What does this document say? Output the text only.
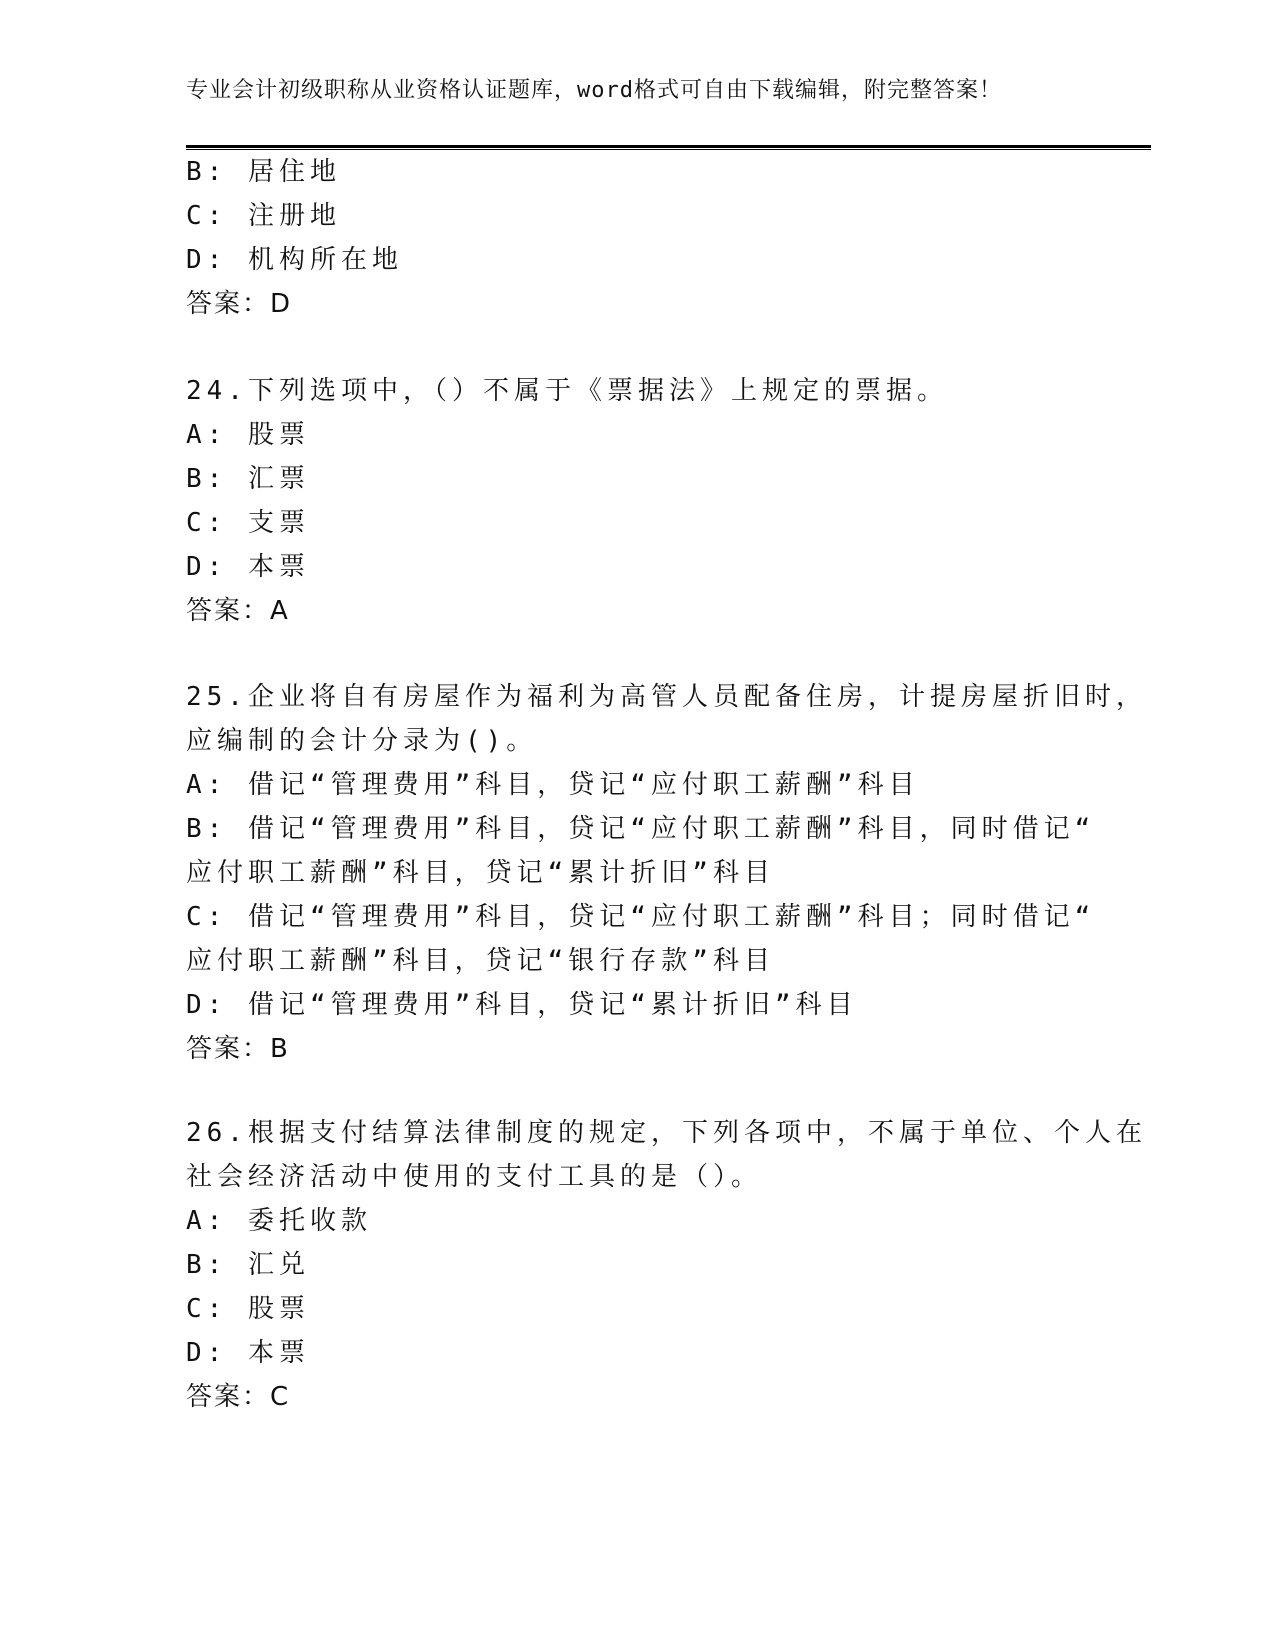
专业会计初级职称从业资格认证题库，word格式可自由下载编辑，附完整答案！
B: 居住地
C: 注册地
D: 机构所在地
答案：D
24.下列选项中，（）不属于《票据法》上规定的票据。
A: 股票
B: 汇票
C: 支票
D: 本票
答案：A
25.企业将自有房屋作为福利为高管人员配备住房，计提房屋折旧时，
应编制的会计分录为()。
A: 借记“管理费用”科目，贷记“应付职工薪酬”科目
B: 借记“管理费用”科目，贷记“应付职工薪酬”科目，同时借记“
应付职工薪酬”科目，贷记“累计折旧”科目
C: 借记“管理费用”科目，贷记“应付职工薪酬”科目；同时借记“
应付职工薪酬”科目，贷记“银行存款”科目
D: 借记“管理费用”科目，贷记“累计折旧”科目
答案：B
26.根据支付结算法律制度的规定，下列各项中，不属于单位、个人在
社会经济活动中使用的支付工具的是（）。
A: 委托收款
B: 汇兑
C: 股票
D: 本票
答案：C
